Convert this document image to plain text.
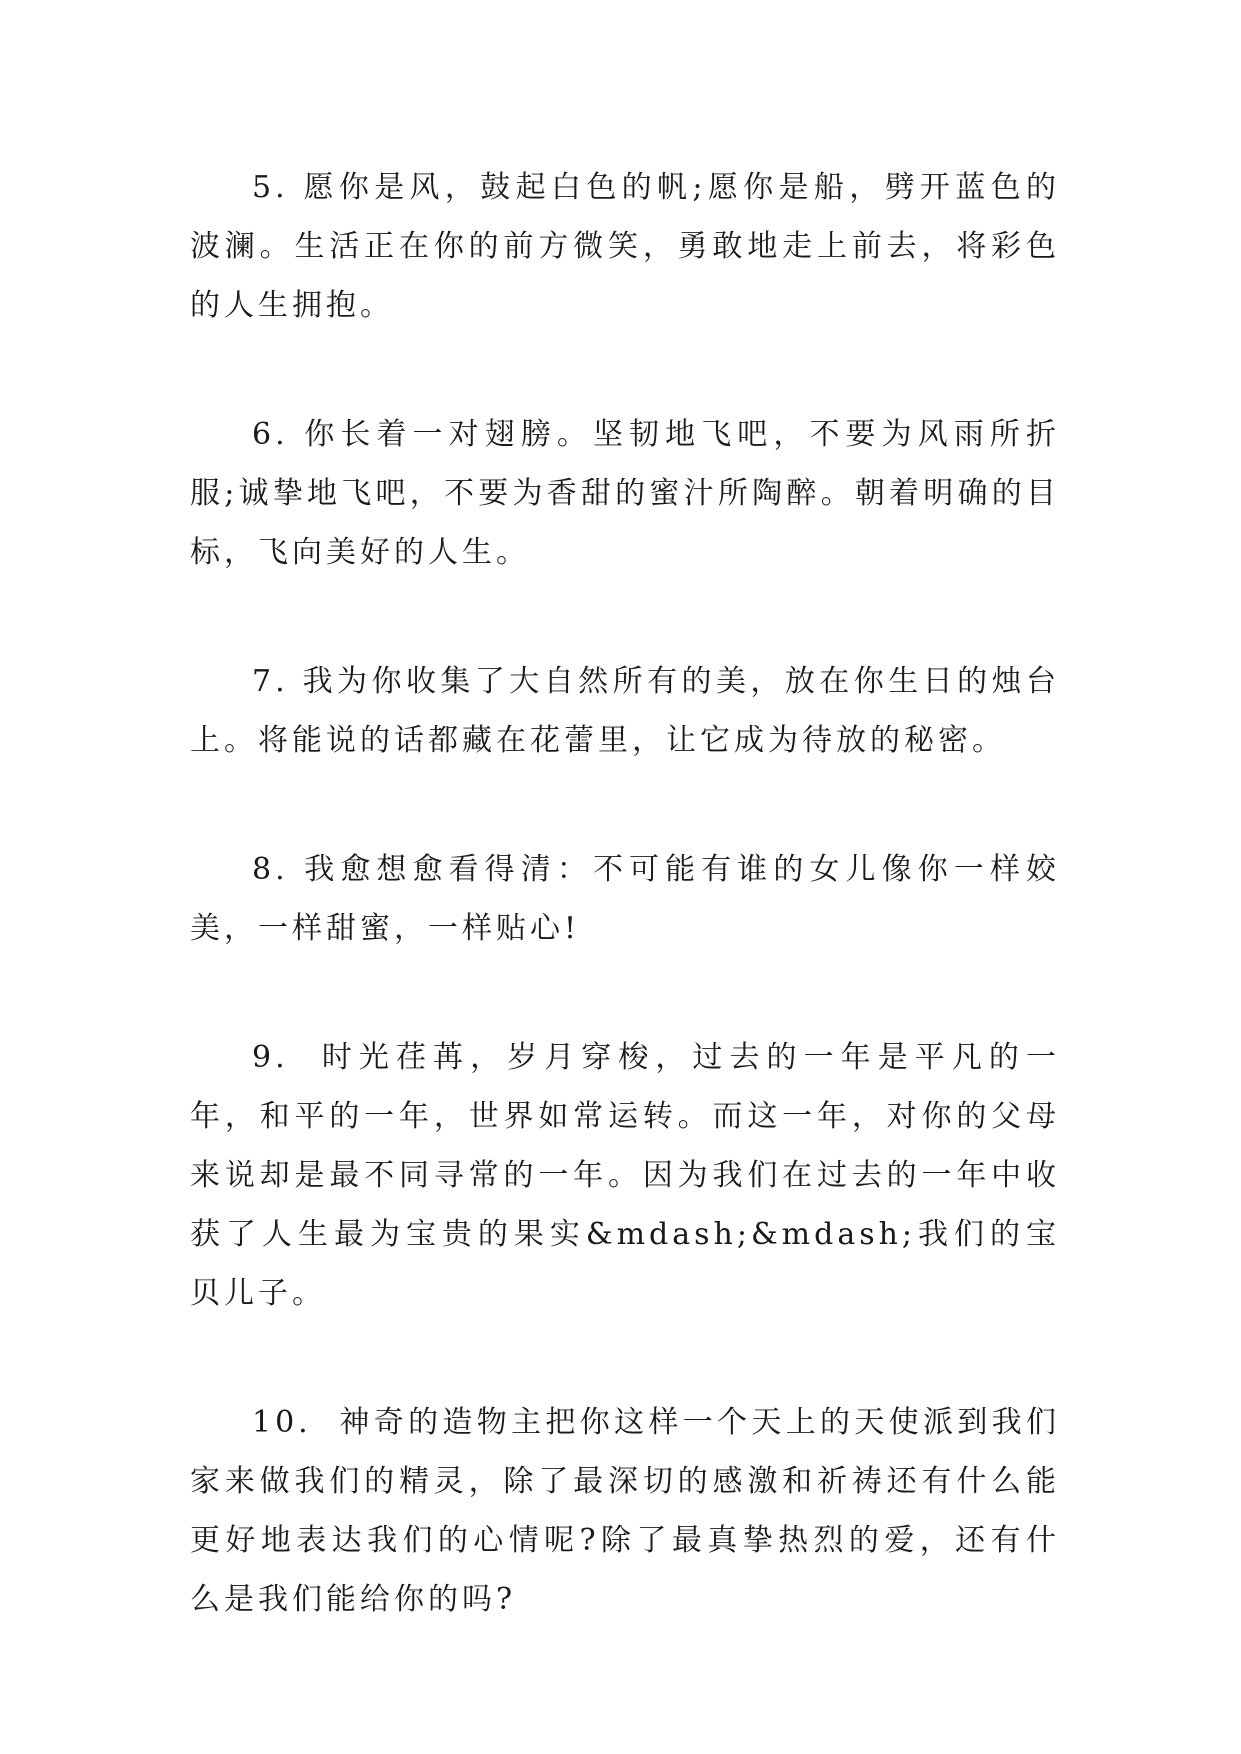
5. 愿你是风，鼓起白色的帆;愿你是船，劈开蓝色的波澜。生活正在你的前方微笑，勇敢地走上前去，将彩色的人生拥抱。

6. 你长着一对翅膀。坚韧地飞吧，不要为风雨所折服;诚挚地飞吧，不要为香甜的蜜汁所陶醉。朝着明确的目标，飞向美好的人生。

7. 我为你收集了大自然所有的美，放在你生日的烛台上。将能说的话都藏在花蕾里，让它成为待放的秘密。

8. 我愈想愈看得清：不可能有谁的女儿像你一样姣美，一样甜蜜，一样贴心!

9.  时光荏苒，岁月穿梭，过去的一年是平凡的一年，和平的一年，世界如常运转。而这一年，对你的父母来说却是最不同寻常的一年。因为我们在过去的一年中收获了人生最为宝贵的果实&mdash;&mdash;我们的宝贝儿子。

10.  神奇的造物主把你这样一个天上的天使派到我们家来做我们的精灵，除了最深切的感激和祈祷还有什么能更好地表达我们的心情呢?除了最真挚热烈的爱，还有什么是我们能给你的吗?
